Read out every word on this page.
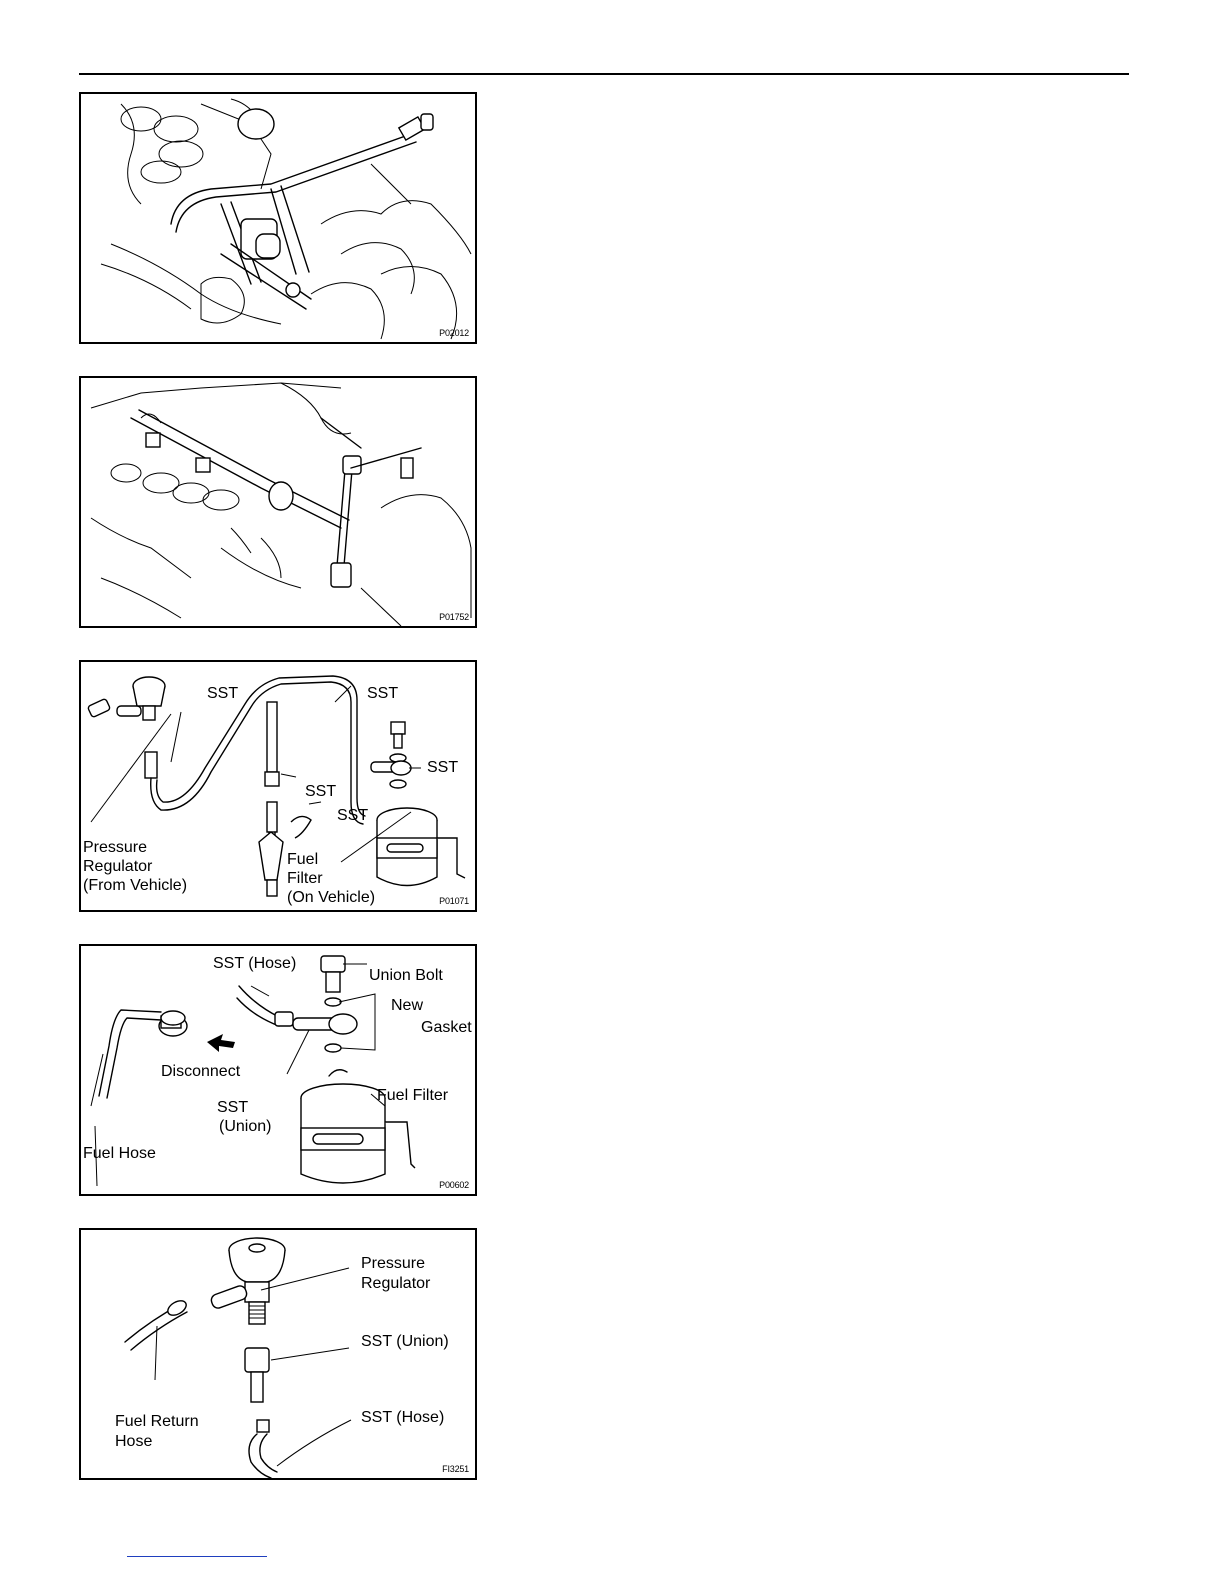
P02012
P01752
SST	SST
SST
SST
SST
Pressure
Regulator
(From Vehicle)
Fuel
Filter
(On Vehicle)	P01071
SST (Hose)
Union Bolt
New
Gasket
Disconnect
SST
(Union)
Fuel Filter
Fuel Hose
P00602
Pressure
Regulator
SST (Union)
SST (Hose)
Fuel Return
Hose
FI3251
